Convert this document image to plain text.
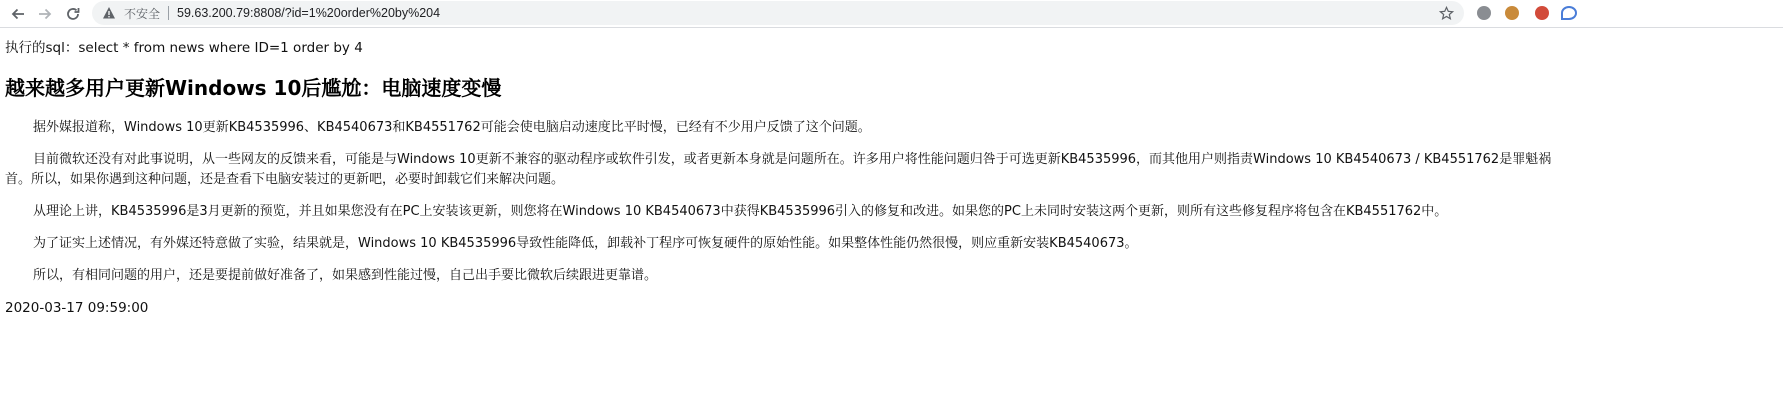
不安全 59.63.200.79:8808/?id=1%20order%20by%204
执行的sql：select * from news where ID=1 order by 4
越来越多用户更新Windows 10后尴尬：电脑速度变慢

据外媒报道称，Windows 10更新KB4535996、KB4540673和KB4551762可能会使电脑启动速度比平时慢，已经有不少用户反馈了这个问题。

目前微软还没有对此事说明，从一些网友的反馈来看，可能是与Windows 10更新不兼容的驱动程序或软件引发，或者更新本身就是问题所在。许多用户将性能问题归咎于可选更新KB4535996，而其他用户则指责Windows 10 KB4540673 / KB4551762是罪魁祸首。所以，如果你遇到这种问题，还是查看下电脑安装过的更新吧，必要时卸载它们来解决问题。

从理论上讲，KB4535996是3月更新的预览，并且如果您没有在PC上安装该更新，则您将在Windows 10 KB4540673中获得KB4535996引入的修复和改进。如果您的PC上未同时安装这两个更新，则所有这些修复程序将包含在KB4551762中。

为了证实上述情况，有外媒还特意做了实验，结果就是，Windows 10 KB4535996导致性能降低，卸载补丁程序可恢复硬件的原始性能。如果整体性能仍然很慢，则应重新安装KB4540673。

所以，有相同问题的用户，还是要提前做好准备了，如果感到性能过慢，自己出手要比微软后续跟进更靠谱。

2020-03-17 09:59:00
